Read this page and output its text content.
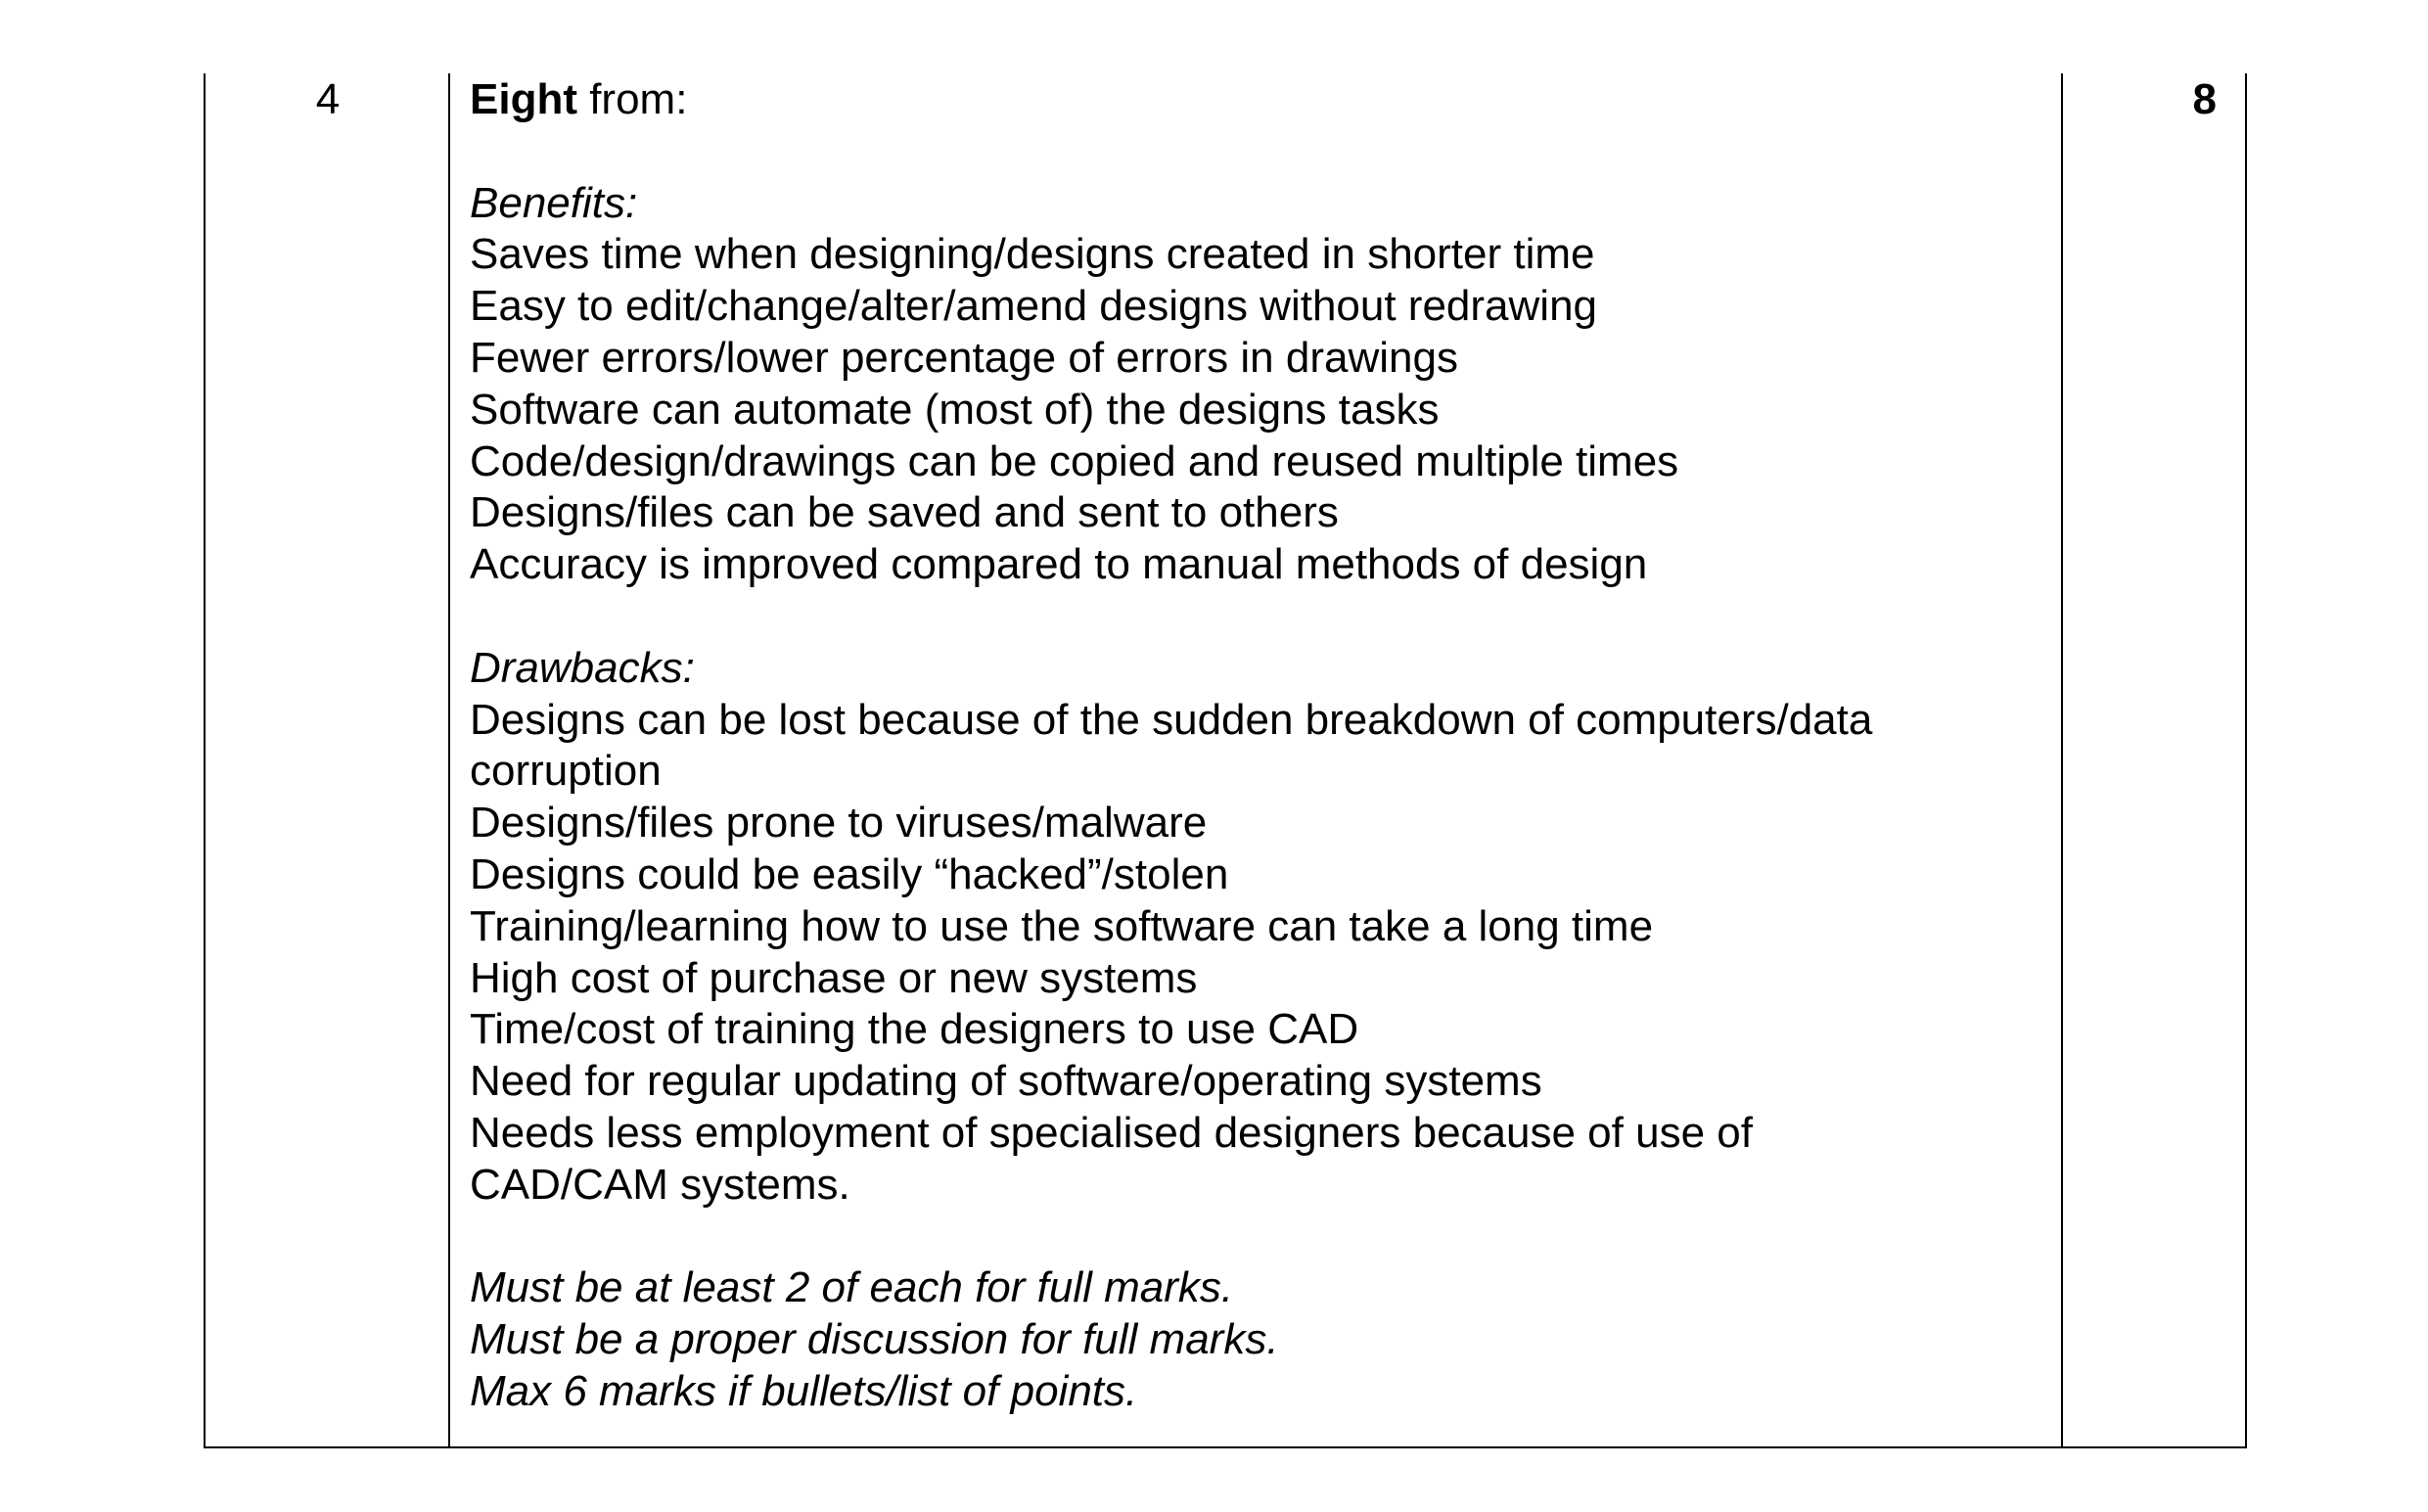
4	Eight from:
Benefits:
Saves time when designing/designs created in shorter time
Easy to edit/change/alter/amend designs without redrawing
Fewer errors/lower percentage of errors in drawings
Software can automate (most of) the designs tasks
Code/design/drawings can be copied and reused multiple times
Designs/files can be saved and sent to others
Accuracy is improved compared to manual methods of design
Drawbacks:
Designs can be lost because of the sudden breakdown of computers/data
corruption
Designs/files prone to viruses/malware
Designs could be easily “hacked”/stolen
Training/learning how to use the software can take a long time
High cost of purchase or new systems
Time/cost of training the designers to use CAD
Need for regular updating of software/operating systems
Needs less employment of specialised designers because of use of
CAD/CAM systems.
Must be at least 2 of each for full marks.
Must be a proper discussion for full marks.
Max 6 marks if bullets/list of points.
8
